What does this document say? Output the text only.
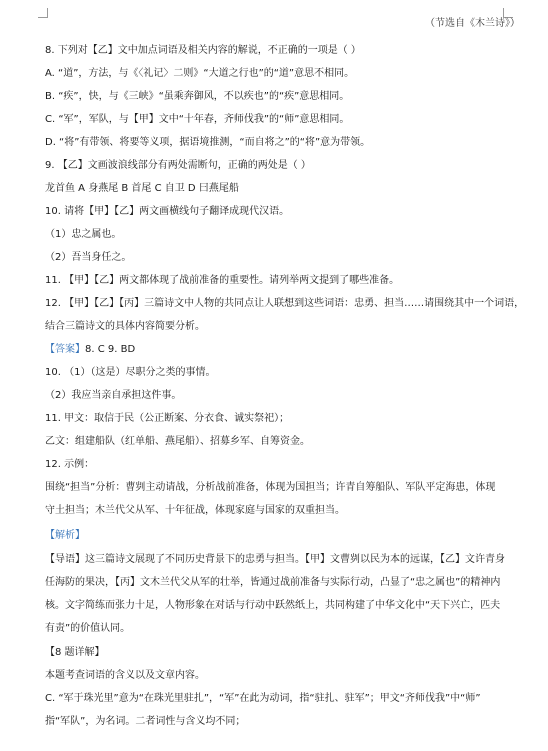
（节选自《木兰诗》）
8. 下列对【乙】文中加点词语及相关内容的解说，不正确的一项是（ ）
A. “道”，方法，与《〈礼记〉二则》“大道之行也”的“道”意思不相同。
B. “疾”，快，与《三峡》“虽乘奔御风，不以疾也”的“疾”意思相同。
C. “军”，军队，与【甲】文中“十年春，齐师伐我”的“师”意思相同。
D. “将”有带领、将要等义项，据语境推测，“而自将之”的“将”意为带领。
9. 【乙】文画波浪线部分有两处需断句，正确的两处是（ ）
龙首鱼 A 身燕尾 B 首尾 C 自卫 D 曰燕尾船
10. 请将【甲】【乙】两文画横线句子翻译成现代汉语。
（1）忠之属也。
（2）吾当身任之。
11. 【甲】【乙】两文都体现了战前准备的重要性。请列举两文提到了哪些准备。
12. 【甲】【乙】【丙】三篇诗文中人物的共同点让人联想到这些词语：忠勇、担当……请围绕其中一个词语，
结合三篇诗文的具体内容简要分析。
【答案】8. C 9. BD
10. （1）（这是）尽职分之类的事情。
（2）我应当亲自承担这件事。
11. 甲文：取信于民（公正断案、分衣食、诚实祭祀）；
乙文：组建船队（红单船、燕尾船）、招募乡军、自筹资金。
12. 示例：
围绕“担当”分析：曹刿主动请战，分析战前准备，体现为国担当；许青自筹船队、军队平定海患，体现
守土担当；木兰代父从军、十年征战，体现家庭与国家的双重担当。
【解析】
【导语】这三篇诗文展现了不同历史背景下的忠勇与担当。【甲】文曹刿以民为本的远谋，【乙】文许青身
任海防的果决，【丙】文木兰代父从军的壮举，皆通过战前准备与实际行动，凸显了“忠之属也”的精神内
核。文字简练而张力十足，人物形象在对话与行动中跃然纸上，共同构建了中华文化中“天下兴亡，匹夫
有责”的价值认同。
【8 题详解】
本题考查词语的含义以及文章内容。
C. “军于珠光里”意为“在珠光里驻扎”，“军”在此为动词，指“驻扎、驻军”；甲文“齐师伐我”中“师”
指“军队”，为名词。二者词性与含义均不同；
